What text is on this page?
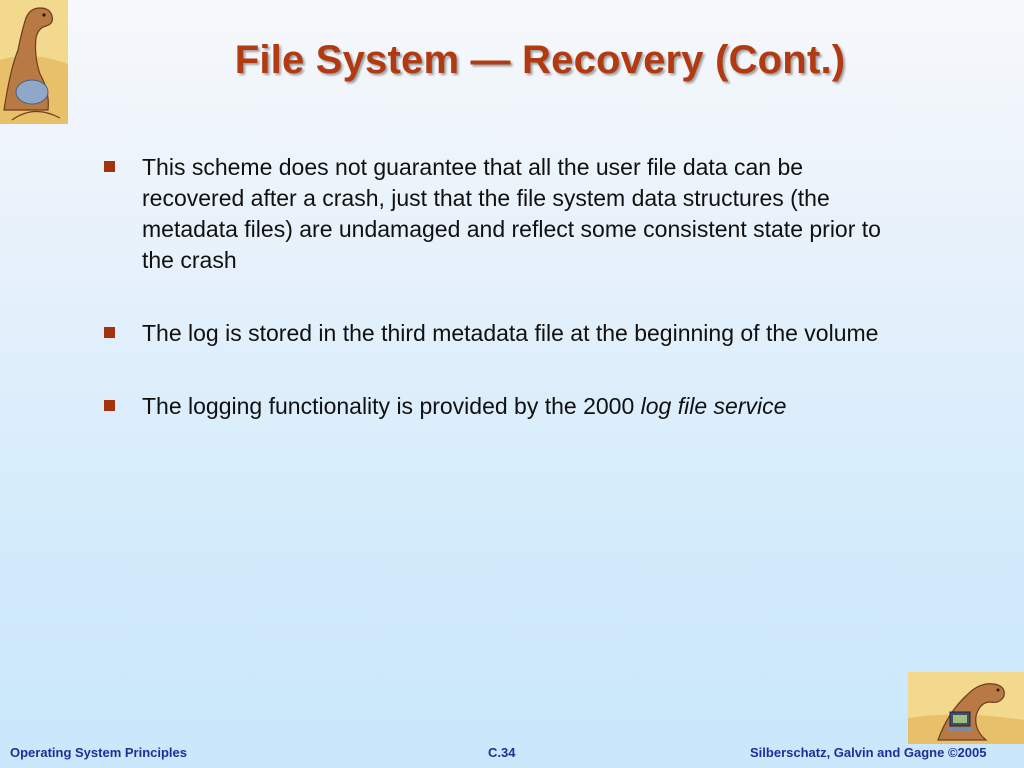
File System — Recovery (Cont.)
This scheme does not guarantee that all the user file data can be recovered after a crash, just that the file system data structures (the metadata files) are undamaged and reflect some consistent state prior to the crash
The log is stored in the third metadata file at the beginning of the volume
The logging functionality is provided by the 2000 log file service
Operating System Principles	C.34	Silberschatz, Galvin and Gagne ©2005
